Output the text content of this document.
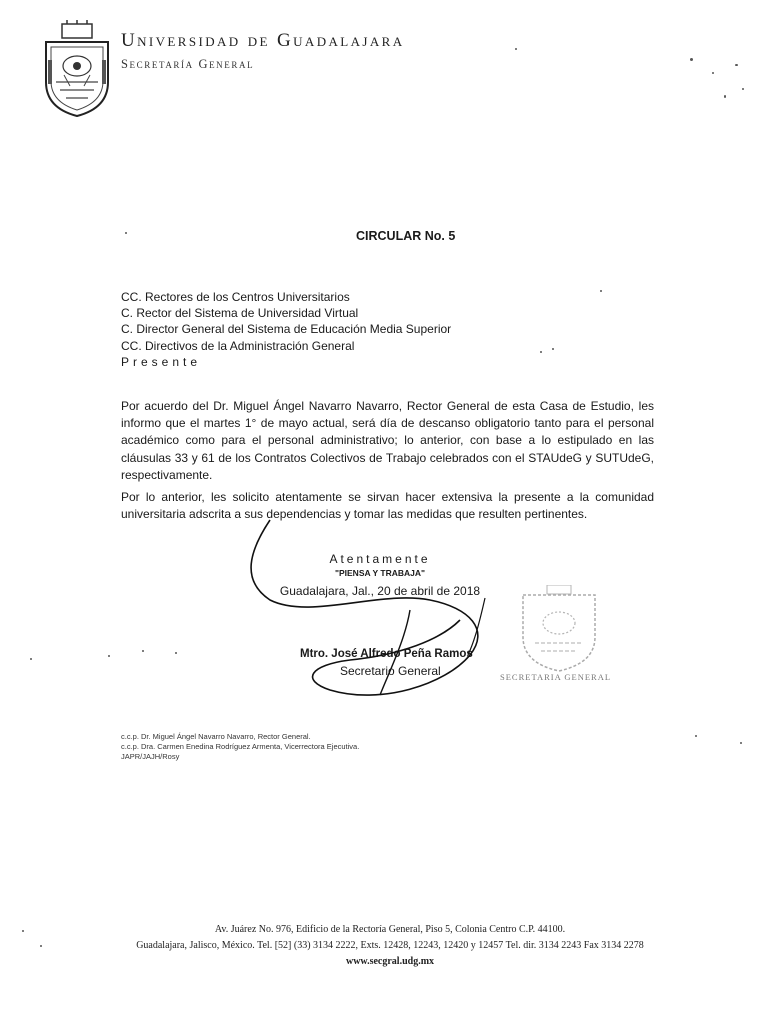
Universidad de Guadalajara
Secretaría General
CIRCULAR No. 5
CC. Rectores de los Centros Universitarios
C. Rector del Sistema de Universidad Virtual
C. Director General del Sistema de Educación Media Superior
CC. Directivos de la Administración General
Presente
Por acuerdo del Dr. Miguel Ángel Navarro Navarro, Rector General de esta Casa de Estudio, les informo que el martes 1° de mayo actual, será día de descanso obligatorio tanto para el personal académico como para el personal administrativo; lo anterior, con base a lo estipulado en las cláusulas 33 y 61 de los Contratos Colectivos de Trabajo celebrados con el STAUdeG y SUTUdeG, respectivamente.
Por lo anterior, les solicito atentamente se sirvan hacer extensiva la presente a la comunidad universitaria adscrita a sus dependencias y tomar las medidas que resulten pertinentes.
Atentamente
"PIENSA Y TRABAJA"
Guadalajara, Jal., 20 de abril de 2018
Mtro. José Alfredo Peña Ramos
Secretario General	SECRETARIA GENERAL
c.c.p. Dr. Miguel Ángel Navarro Navarro, Rector General.
c.c.p. Dra. Carmen Enedina Rodríguez Armenta, Vicerrectora Ejecutiva.
JAPR/JAJH/Rosy
Av. Juárez No. 976, Edificio de la Rectoría General, Piso 5, Colonia Centro C.P. 44100.
Guadalajara, Jalisco, México. Tel. [52] (33) 3134 2222, Exts. 12428, 12243, 12420 y 12457 Tel. dir. 3134 2243 Fax 3134 2278
www.secgral.udg.mx
